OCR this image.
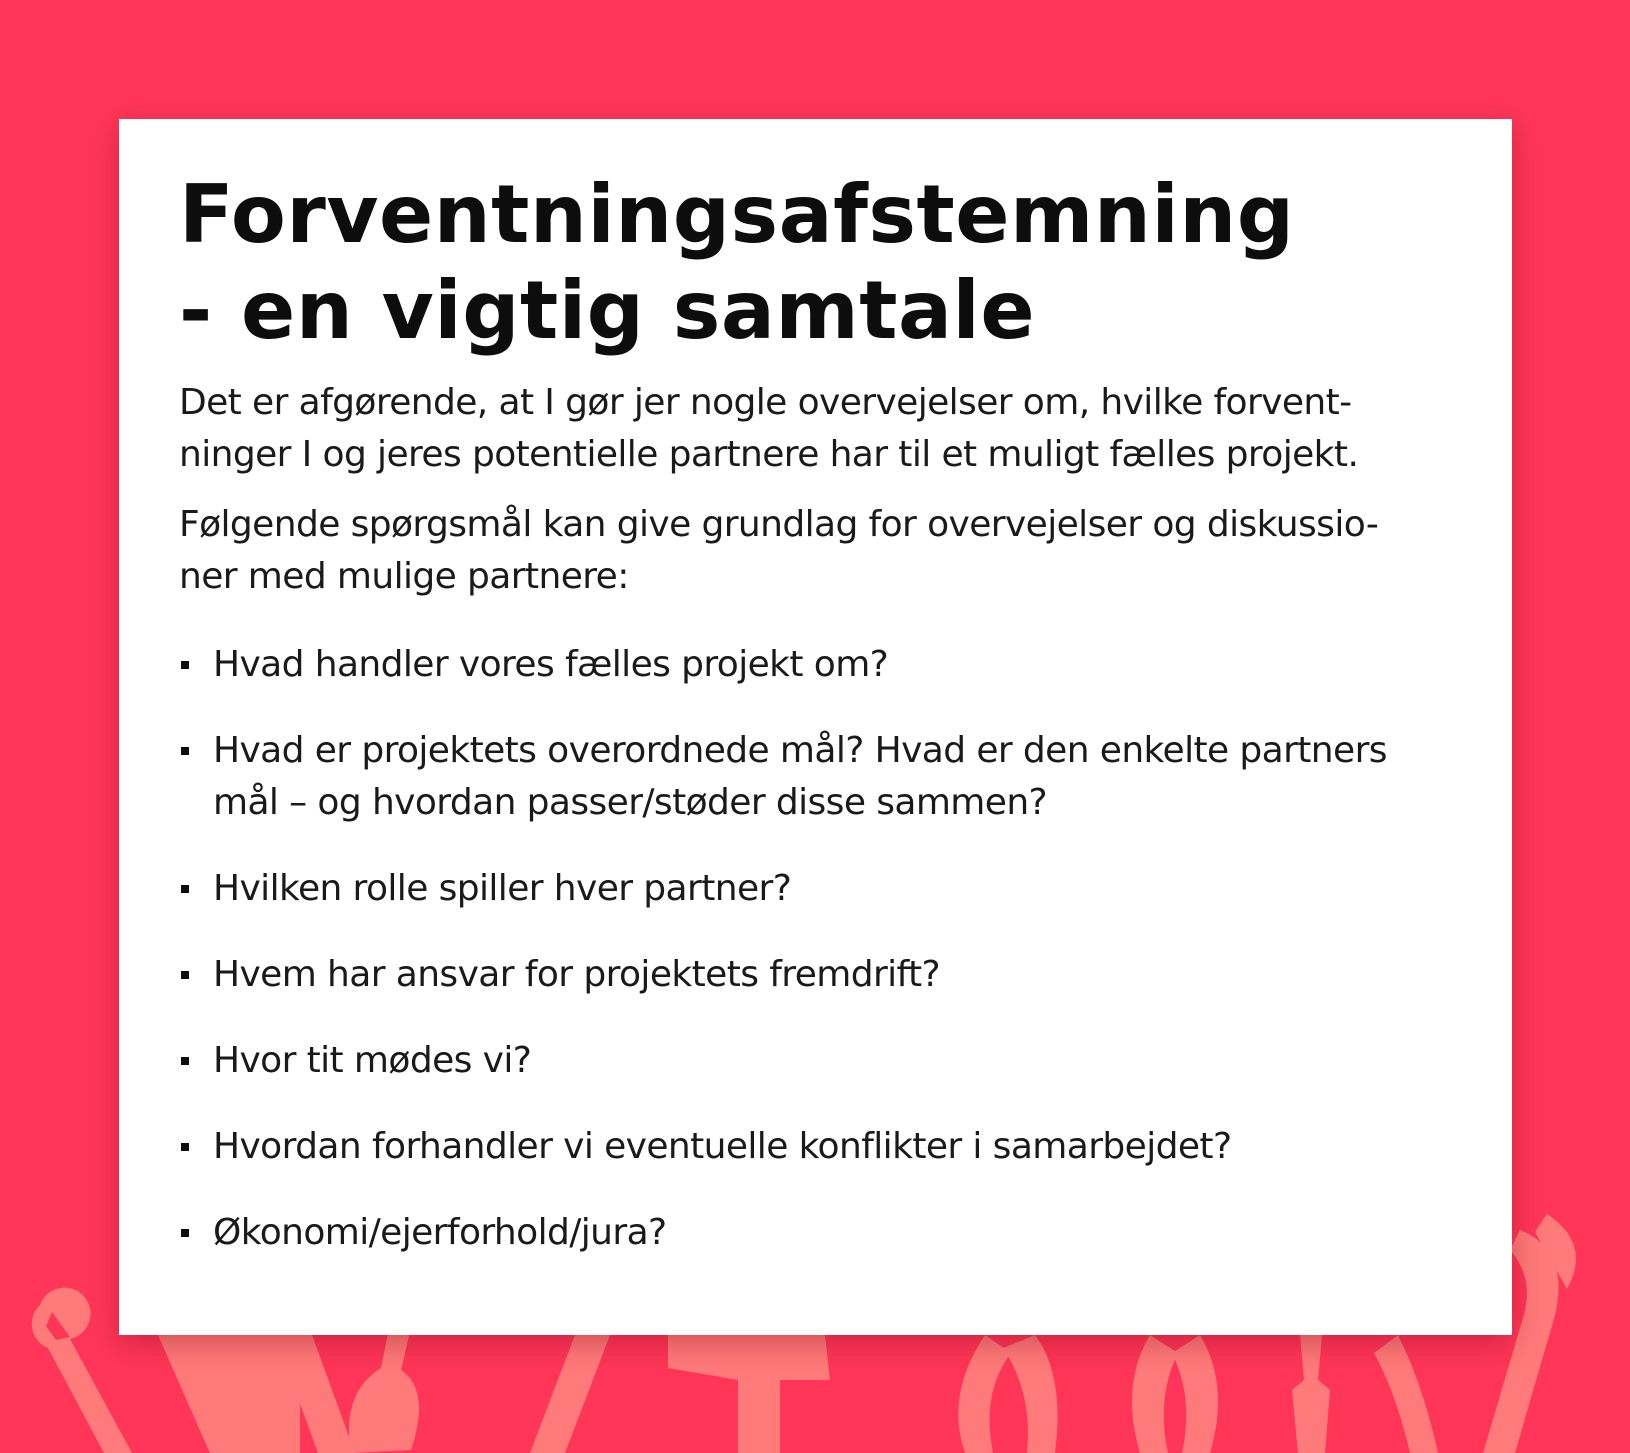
Forventningsafstemning
- en vigtig samtale

Det er afgørende, at I gør jer nogle overvejelser om, hvilke forvent-
ninger I og jeres potentielle partnere har til et muligt fælles projekt.

Følgende spørgsmål kan give grundlag for overvejelser og diskussio-
ner med mulige partnere:

Hvad handler vores fælles projekt om?
Hvad er projektets overordnede mål? Hvad er den enkelte partners
mål – og hvordan passer/støder disse sammen?
Hvilken rolle spiller hver partner?
Hvem har ansvar for projektets fremdrift?
Hvor tit mødes vi?
Hvordan forhandler vi eventuelle konflikter i samarbejdet?
Økonomi/ejerforhold/jura?
